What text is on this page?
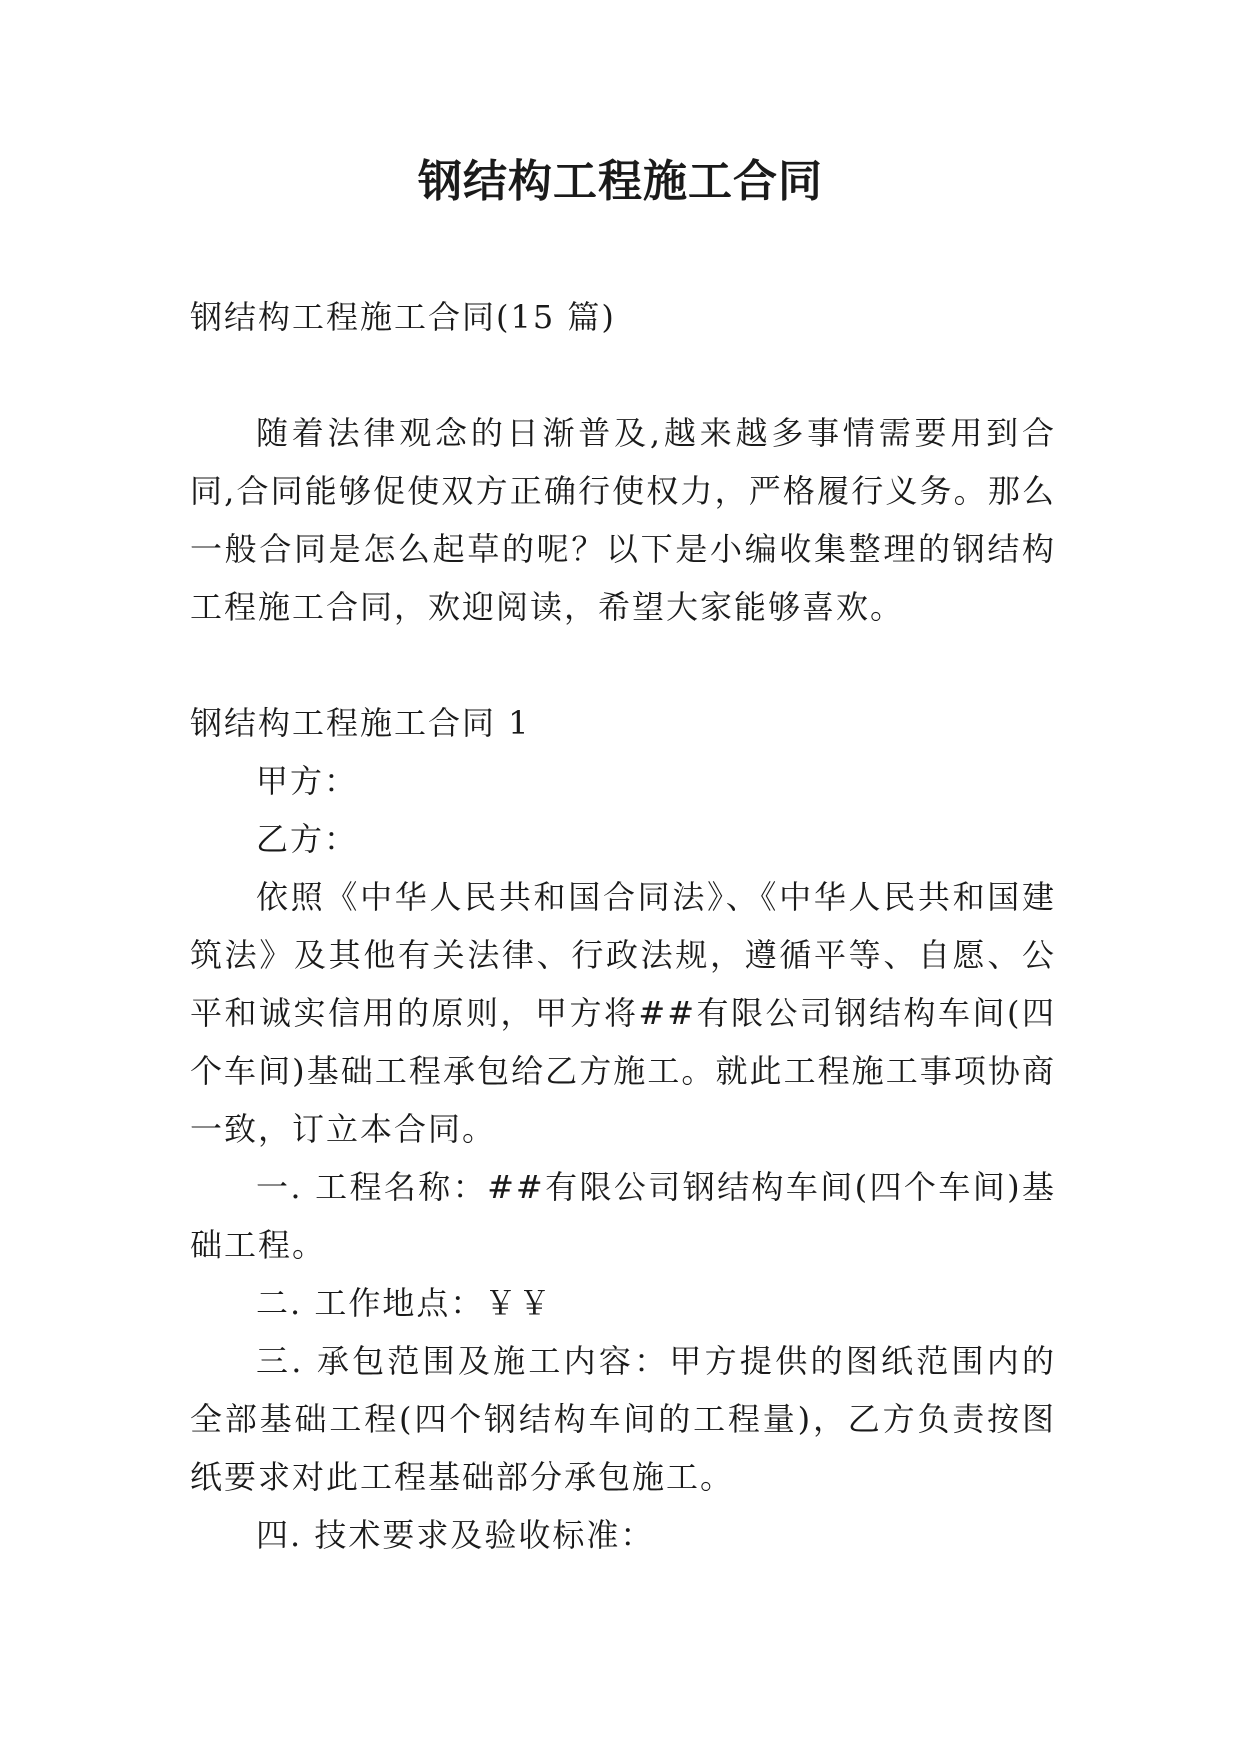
钢结构工程施工合同

钢结构工程施工合同(15 篇)

随着法律观念的日渐普及,越来越多事情需要用到合同,合同能够促使双方正确行使权力，严格履行义务。那么一般合同是怎么起草的呢？以下是小编收集整理的钢结构工程施工合同，欢迎阅读，希望大家能够喜欢。

钢结构工程施工合同 1

甲方：

乙方：

依照《中华人民共和国合同法》、《中华人民共和国建筑法》及其他有关法律、行政法规，遵循平等、自愿、公平和诚实信用的原则，甲方将##有限公司钢结构车间(四个车间)基础工程承包给乙方施工。就此工程施工事项协商一致，订立本合同。

一. 工程名称：##有限公司钢结构车间(四个车间)基础工程。

二. 工作地点：￥￥

三. 承包范围及施工内容：甲方提供的图纸范围内的全部基础工程(四个钢结构车间的工程量)，乙方负责按图纸要求对此工程基础部分承包施工。

四. 技术要求及验收标准：
